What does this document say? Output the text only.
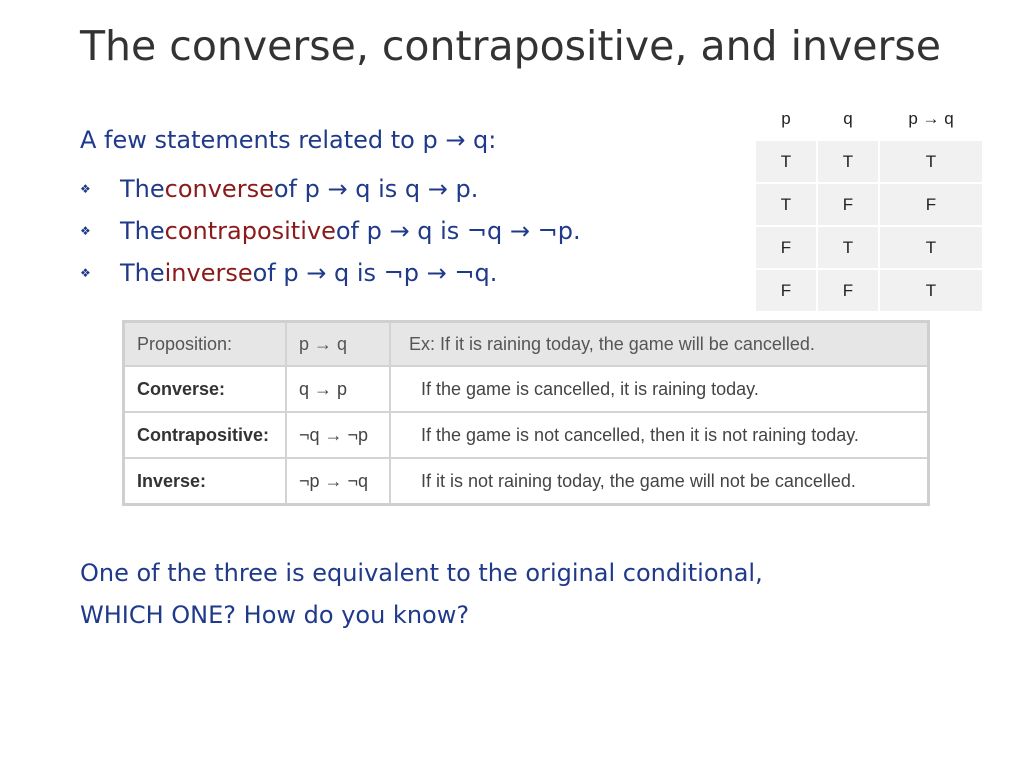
The converse, contrapositive, and inverse
A few statements related to p → q:
❖	The converse of p → q is q → p.
❖	The contrapositive of p → q is ¬q → ¬p.
❖	The inverse of p → q is ¬p → ¬q.
p	q	p → q
T	T	T
T	F	F
F	T	T
F	F	T
Proposition:	p → q	Ex: If it is raining today, the game will be cancelled.
Converse:	q → p	If the game is cancelled, it is raining today.
Contrapositive:	¬q → ¬p	If the game is not cancelled, then it is not raining today.
Inverse:	¬p → ¬q	If it is not raining today, the game will not be cancelled.
One of the three is equivalent to the original conditional,
WHICH ONE? How do you know?
